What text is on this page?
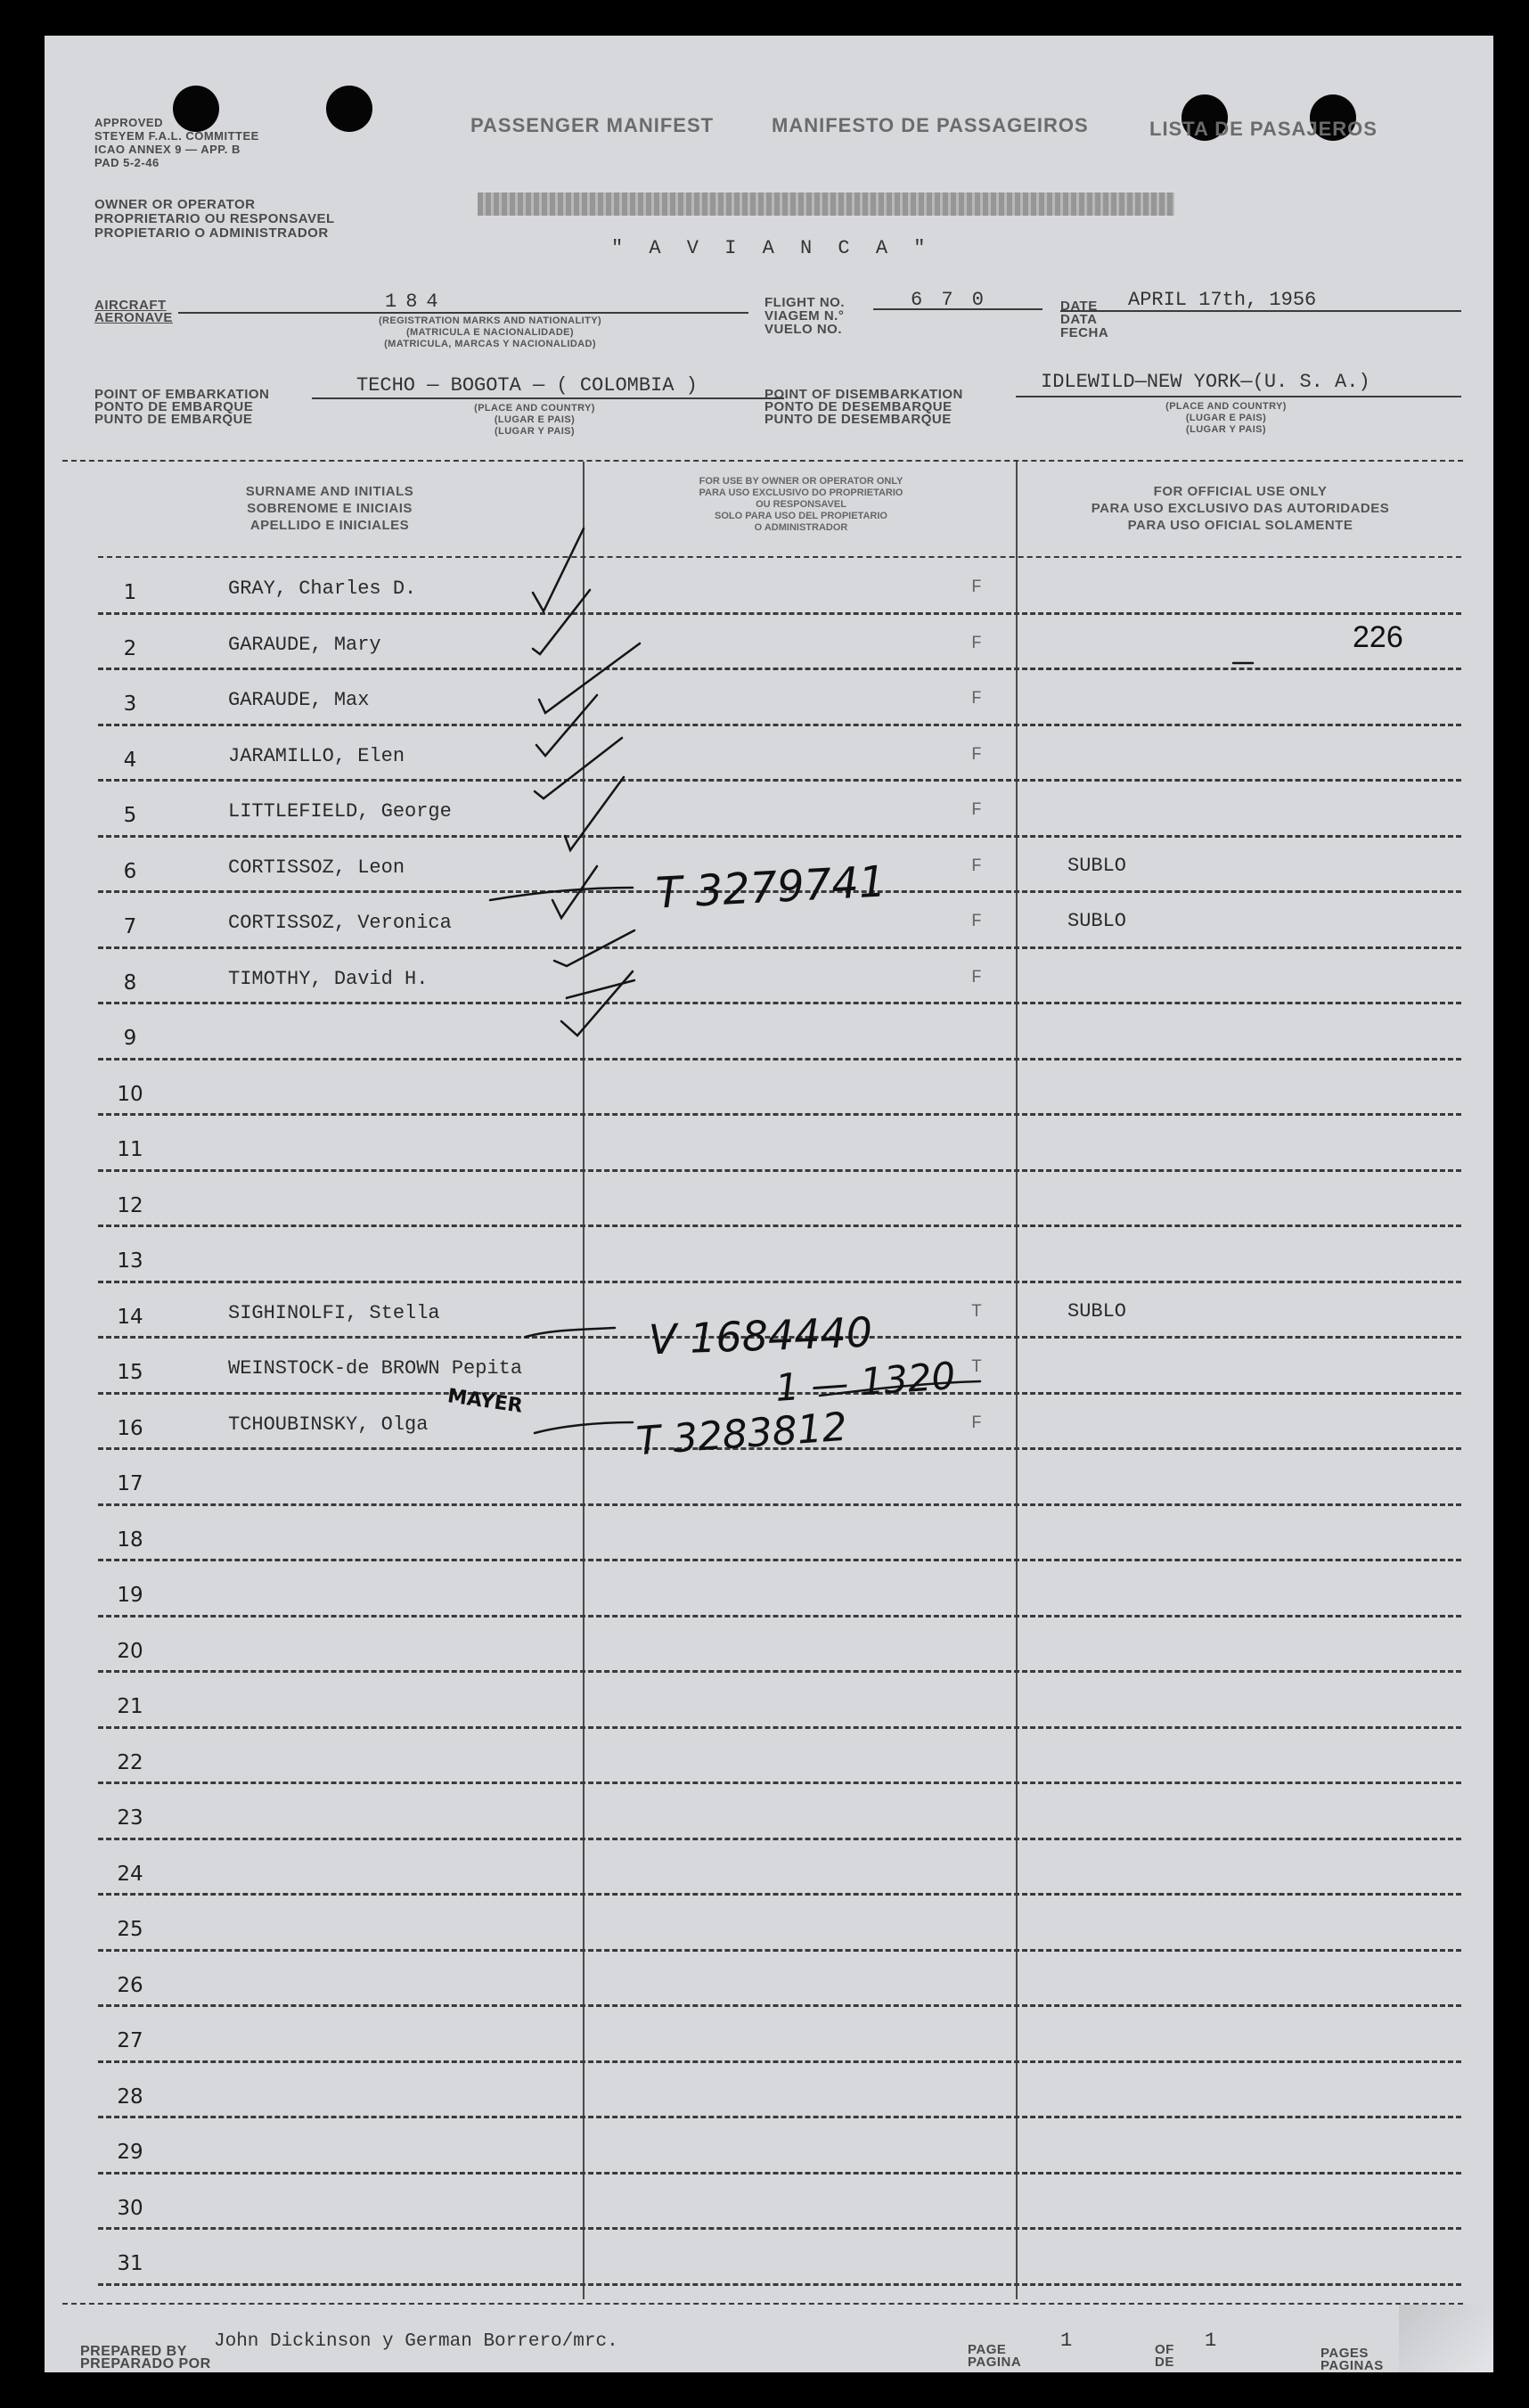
APPROVED
STEYEM F.A.L. COMMITTEE
ICAO ANNEX 9 — APP. B
PAD 5-2-46
OWNER OR OPERATOR
PROPRIETARIO OU RESPONSAVEL
PROPIETARIO O ADMINISTRADOR
PASSENGER MANIFEST	MANIFESTO DE PASSAGEIROS	LISTA DE PASAJEROS
" A V I A N C A "
AIRCRAFT
AERONAVE
184
(REGISTRATION MARKS AND NATIONALITY)
(MATRICULA E NACIONALIDADE)
(MATRICULA, MARCAS Y NACIONALIDAD)
FLIGHT NO.
VIAGEM N.°
VUELO NO.
6 7 0	DATE
DATA
FECHA
APRIL 17th, 1956
POINT OF EMBARKATION
PONTO DE EMBARQUE
PUNTO DE EMBARQUE
TECHO — BOGOTA — ( COLOMBIA )
(PLACE AND COUNTRY)
(LUGAR E PAIS)
(LUGAR Y PAIS)
POINT OF DISEMBARKATION
PONTO DE DESEMBARQUE
PUNTO DE DESEMBARQUE
IDLEWILD—NEW YORK—(U. S. A.)
(PLACE AND COUNTRY)
(LUGAR E PAIS)
(LUGAR Y PAIS)
SURNAME AND INITIALS
SOBRENOME E INICIAIS
APELLIDO E INICIALES
FOR USE BY OWNER OR OPERATOR ONLY
PARA USO EXCLUSIVO DO PROPRIETARIO
OU RESPONSAVEL
SOLO PARA USO DEL PROPIETARIO
O ADMINISTRADOR
FOR OFFICIAL USE ONLY
PARA USO EXCLUSIVO DAS AUTORIDADES
PARA USO OFICIAL SOLAMENTE
1	GRAY, Charles D.	F
2	GARAUDE, Mary	F
3	GARAUDE, Max	F
4	JARAMILLO, Elen	F
5	LITTLEFIELD, George	F
6	CORTISSOZ, Leon	F	SUBLO
7	CORTISSOZ, Veronica	F	SUBLO
8	TIMOTHY, David H.	F
9
10
11
12
13
14	SIGHINOLFI, Stella	T	SUBLO
15	WEINSTOCK-de BROWN Pepita	T
16	TCHOUBINSKY, Olga	F
17
18
19
20
21
22
23
24
25
26
27
28
29
30
31
226
T 3279741
V 1684440
1 — 1320
T 3283812
MAYER
PREPARED BY
PREPARADO POR
John Dickinson y German Borrero/mrc.	PAGE
PAGINA
1	OF
DE
1
PAGES
PAGINAS
